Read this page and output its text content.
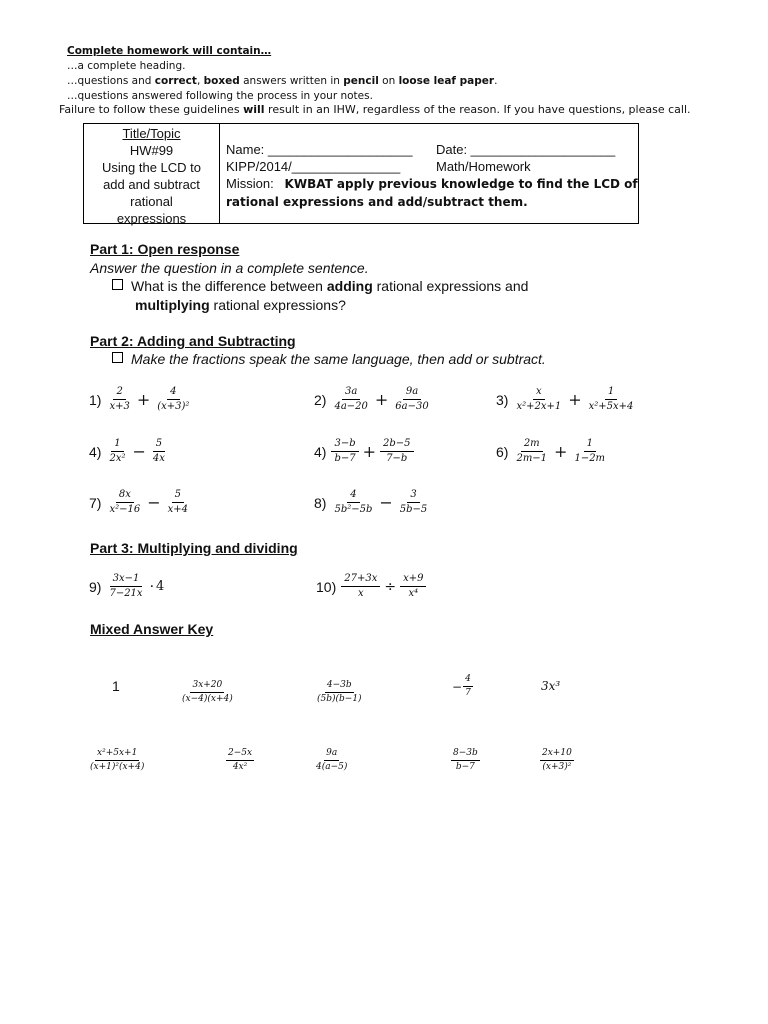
Complete homework will contain…
…a complete heading.
…questions and correct, boxed answers written in pencil on loose leaf paper.
…questions answered following the process in your notes.
Failure to follow these guidelines will result in an IHW, regardless of the reason. If you have questions, please call.
Title/Topic
HW#99
Using the LCD to
add and subtract
rational
expressions
Name: ____________________ Date: ____________________
KIPP/2014/_______________	Math/Homework
Mission: KWBAT apply previous knowledge to find the LCD of
rational expressions and add/subtract them.
Part 1: Open response
Answer the question in a complete sentence.
What is the difference between adding rational expressions and
multiplying rational expressions?
Part 2: Adding and Subtracting
Make the fractions speak the same language, then add or subtract.
$1) \frac{2}{x+3} + \frac{4}{\text{(x+3)²}}$	$2) \frac{3a}{4a-20} + \frac{9a}{6a-30}$	$3) \frac{x}{\text{x²+2x+1}} + \frac{1}{\text{x²+5x+4}}$
$4) \frac{1}{\text{2x²}} - \frac{5}{4x}$	$4) \frac{3-b}{b-7} + \frac{2b-5}{7-b}$	$6) \frac{2m}{2m-1} + \frac{1}{1-2m}$
$7) \frac{8x}{\text{x²−16}} - \frac{5}{x+4}$	$8) \frac{4}{\text{5b²−5b}} - \frac{3}{5b-5}$
Part 3: Multiplying and dividing
$9) \frac{3x-1}{7-21x} \cdot 4$	$10) \frac{27+3x}{x} \div \frac{x+9}{\text{x⁴}}$
Mixed Answer Key
1	$\frac{3x+20}{(x-4)(x+4)}$	$\frac{4-3b}{(5b)(b-1)}$	− $\frac{4}{7}$	3x³
$\frac{\text{x²+5x+1}}{\text{(x+1)²(x+4)}}$	$\frac{2-5x}{\text{4x²}}$	$\frac{9a}{4(a-5)}$	$\frac{8-3b}{b-7}$	$\frac{2x+10}{\text{(x+3)²}}$
